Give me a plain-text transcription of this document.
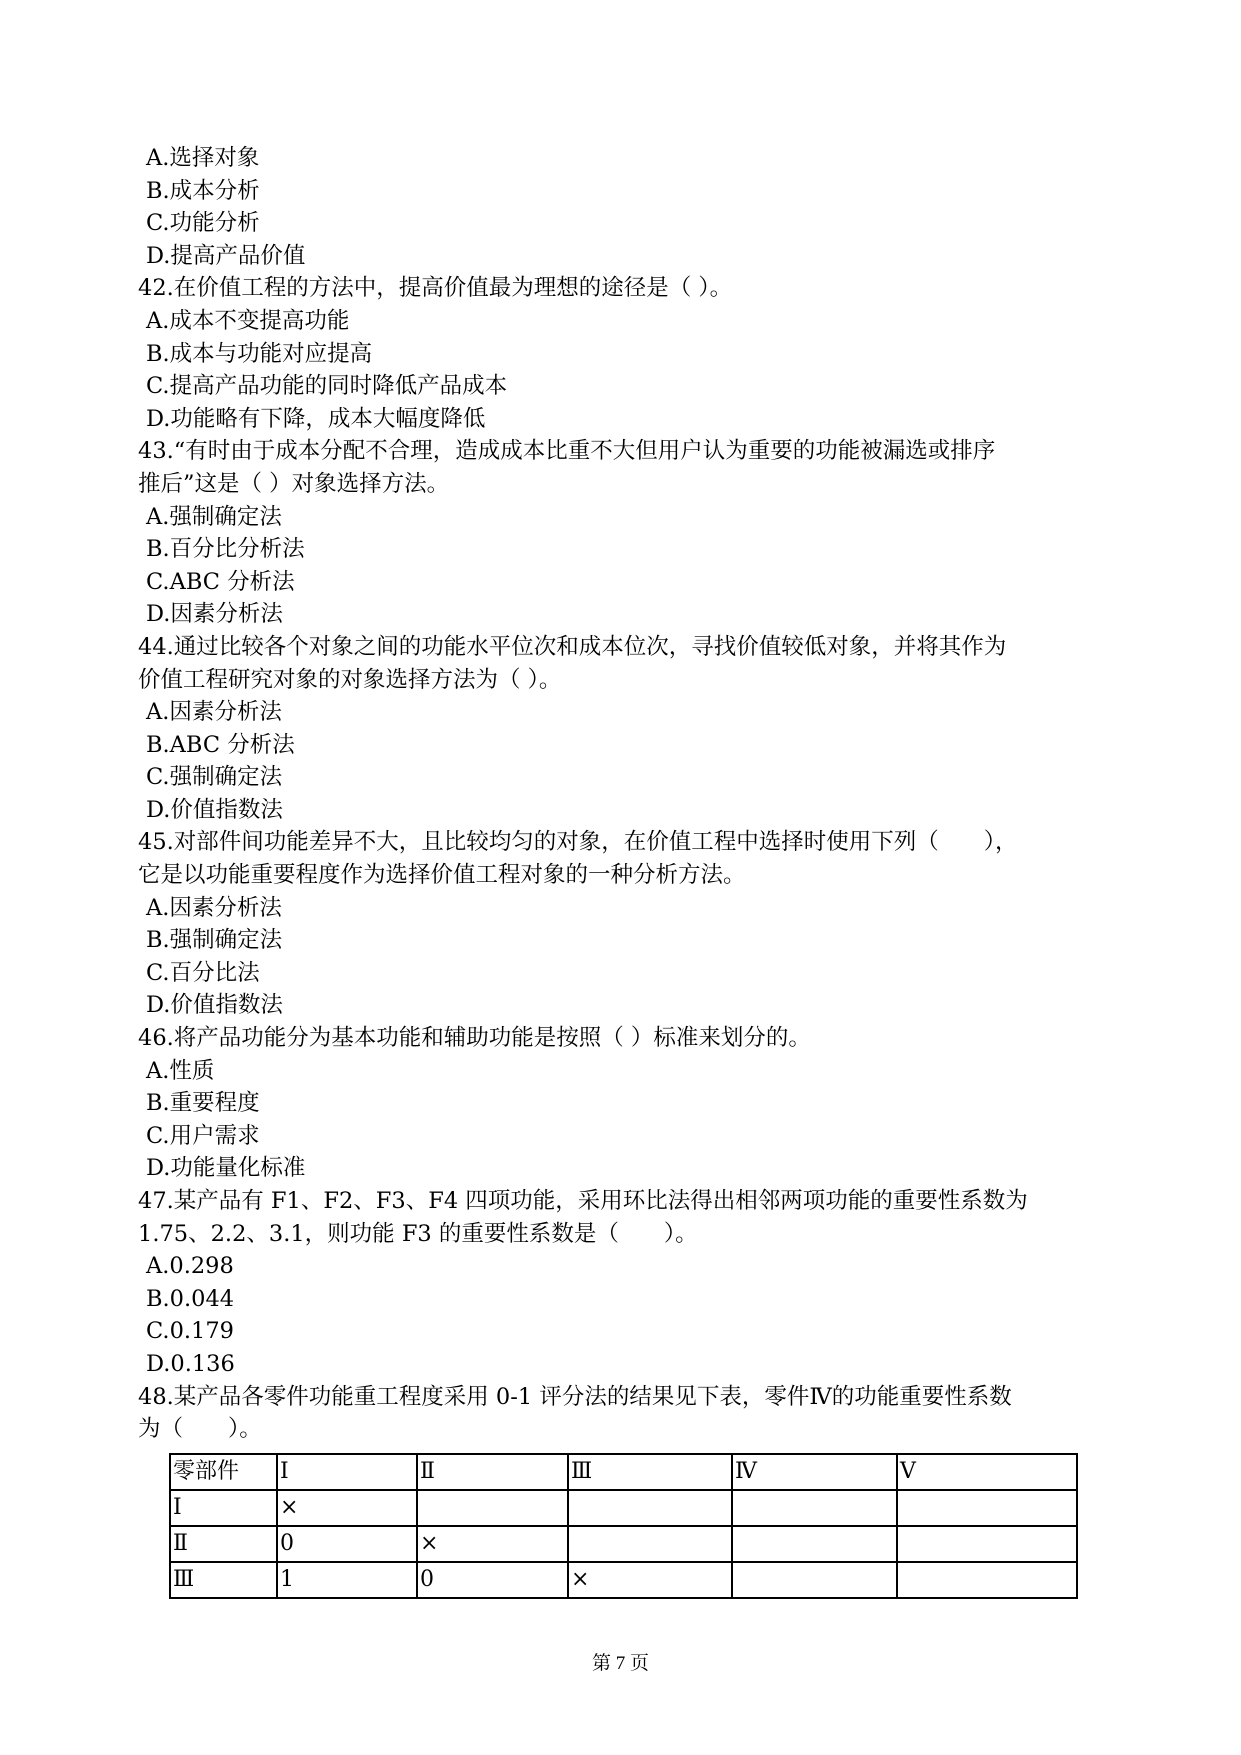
A.选择对象
B.成本分析
C.功能分析
D.提高产品价值
42.在价值工程的方法中，提高价值最为理想的途径是（ ）。
A.成本不变提高功能
B.成本与功能对应提高
C.提高产品功能的同时降低产品成本
D.功能略有下降，成本大幅度降低
43.“有时由于成本分配不合理，造成成本比重不大但用户认为重要的功能被漏选或排序
推后”这是（ ）对象选择方法。
A.强制确定法
B.百分比分析法
C.ABC 分析法
D.因素分析法
44.通过比较各个对象之间的功能水平位次和成本位次，寻找价值较低对象，并将其作为
价值工程研究对象的对象选择方法为（ ）。
A.因素分析法
B.ABC 分析法
C.强制确定法
D.价值指数法
45.对部件间功能差异不大，且比较均匀的对象，在价值工程中选择时使用下列（　　），
它是以功能重要程度作为选择价值工程对象的一种分析方法。
A.因素分析法
B.强制确定法
C.百分比法
D.价值指数法
46.将产品功能分为基本功能和辅助功能是按照（ ）标准来划分的。
A.性质
B.重要程度
C.用户需求
D.功能量化标准
47.某产品有 F1、F2、F3、F4 四项功能，采用环比法得出相邻两项功能的重要性系数为
1.75、2.2、3.1，则功能 F3 的重要性系数是（　　）。
A.0.298
B.0.044
C.0.179
D.0.136
48.某产品各零件功能重工程度采用 0-1 评分法的结果见下表，零件Ⅳ的功能重要性系数
为（　　）。
零部件	Ⅰ	Ⅱ	Ⅲ	Ⅳ	Ⅴ
Ⅰ	×				
Ⅱ	0	×			
Ⅲ	1	0	×		
第 7 页
